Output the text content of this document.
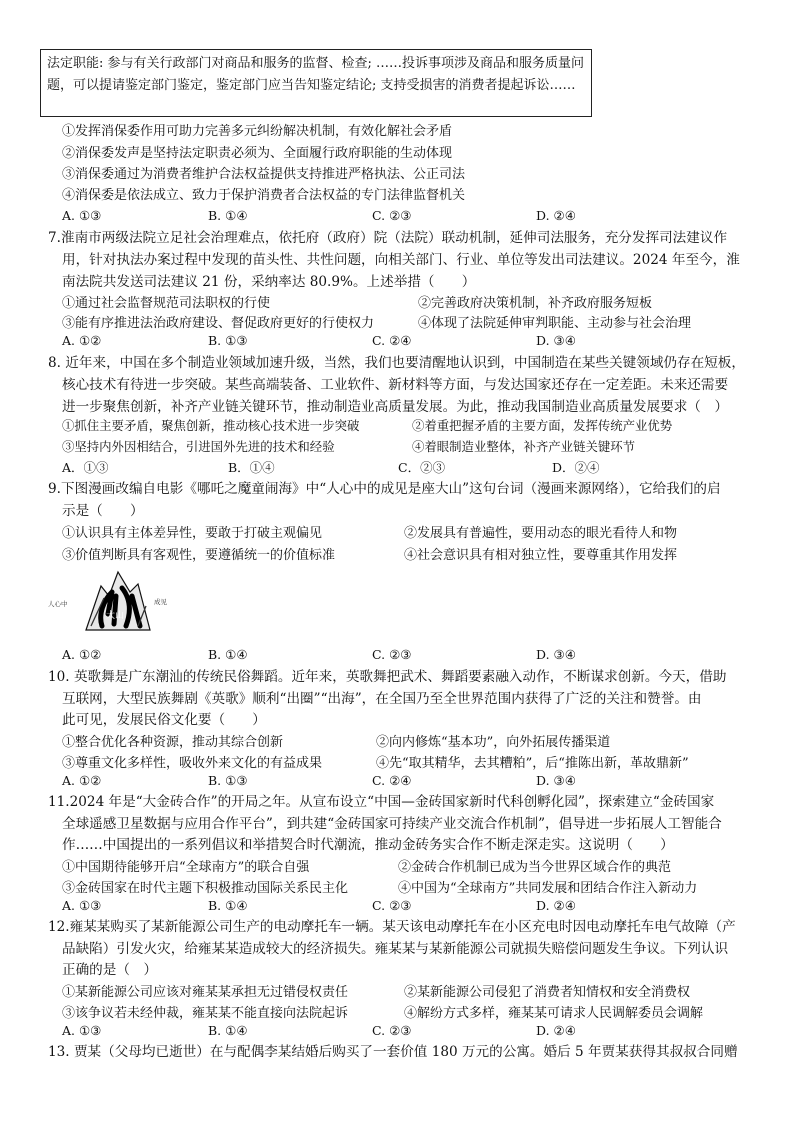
法定职能: 参与有关行政部门对商品和服务的监督、检查; ……投诉事项涉及商品和服务质量问题，可以提请鉴定部门鉴定，鉴定部门应当告知鉴定结论; 支持受损害的消费者提起诉讼……
①发挥消保委作用可助力完善多元纠纷解决机制，有效化解社会矛盾
②消保委发声是坚持法定职责必须为、全面履行政府职能的生动体现
③消保委通过为消费者维护合法权益提供支持推进严格执法、公正司法
④消保委是依法成立、致力于保护消费者合法权益的专门法律监督机关
A. ①③	B. ①④	C. ②③	D. ②④
7.淮南市两级法院立足社会治理难点，依托府（政府）院（法院）联动机制，延伸司法服务，充分发挥司法建议作
用，针对执法办案过程中发现的苗头性、共性问题，向相关部门、行业、单位等发出司法建议。2024 年至今，淮
南法院共发送司法建议 21 份，采纳率达 80.9%。上述举措（　　）
①通过社会监督规范司法职权的行使	②完善政府决策机制，补齐政府服务短板
③能有序推进法治政府建设、督促政府更好的行使权力	④体现了法院延伸审判职能、主动参与社会治理
A. ①②	B. ①③	C. ②④	D. ③④
8. 近年来，中国在多个制造业领域加速升级，当然，我们也要清醒地认识到，中国制造在某些关键领域仍存在短板，
核心技术有待进一步突破。某些高端装备、工业软件、新材料等方面，与发达国家还存在一定差距。未来还需要
进一步聚焦创新，补齐产业链关键环节，推动制造业高质量发展。为此，推动我国制造业高质量发展要求（　）
①抓住主要矛盾，聚焦创新，推动核心技术进一步突破	②着重把握矛盾的主要方面，发挥传统产业优势
③坚持内外因相结合，引进国外先进的技术和经验	④着眼制造业整体，补齐产业链关键环节
A．①③	B．①④	C．②③	D．②④
9.下图漫画改编自电影《哪吒之魔童闹海》中“人心中的成见是座大山”这句台词（漫画来源网络），它给我们的启
示是（　　）
①认识具有主体差异性，要敢于打破主观偏见	②发展具有普遍性，要用动态的眼光看待人和物
③价值判断具有客观性，要遵循统一的价值标准	④社会意识具有相对独立性，要尊重其作用发挥
人心中	成见
大山
A. ①②	B. ①④	C. ②③	D. ③④
10. 英歌舞是广东潮汕的传统民俗舞蹈。近年来，英歌舞把武术、舞蹈要素融入动作，不断谋求创新。今天，借助
互联网，大型民族舞剧《英歌》顺利“出圈”“出海”，在全国乃至全世界范围内获得了广泛的关注和赞誉。由
此可见，发展民俗文化要（　　）
①整合优化各种资源，推动其综合创新	②向内修炼“基本功”，向外拓展传播渠道
③尊重文化多样性，吸收外来文化的有益成果	④先“取其精华，去其糟粕”，后“推陈出新，革故鼎新”
A. ①②	B. ①③	C. ②④	D. ③④
11.2024 年是“大金砖合作”的开局之年。从宣布设立“中国—金砖国家新时代科创孵化园”，探索建立“金砖国家
全球遥感卫星数据与应用合作平台”，到共建“金砖国家可持续产业交流合作机制”，倡导进一步拓展人工智能合
作……中国提出的一系列倡议和举措契合时代潮流，推动金砖务实合作不断走深走实。这说明（　　）
①中国期待能够开启“全球南方”的联合自强	②金砖合作机制已成为当今世界区域合作的典范
③金砖国家在时代主题下积极推动国际关系民主化	④中国为“全球南方”共同发展和团结合作注入新动力
A. ①③	B. ①④	C. ②③	D. ②④
12.雍某某购买了某新能源公司生产的电动摩托车一辆。某天该电动摩托车在小区充电时因电动摩托车电气故障（产
品缺陷）引发火灾，给雍某某造成较大的经济损失。雍某某与某新能源公司就损失赔偿问题发生争议。下列认识
正确的是（　）
①某新能源公司应该对雍某某承担无过错侵权责任	②某新能源公司侵犯了消费者知情权和安全消费权
③该争议若未经仲裁，雍某某不能直接向法院起诉	④解纷方式多样，雍某某可请求人民调解委员会调解
A. ①③	B. ①④	C. ②③	D. ②④
13. 贾某（父母均已逝世）在与配偶李某结婚后购买了一套价值 180 万元的公寓。婚后 5 年贾某获得其叔叔合同赠
